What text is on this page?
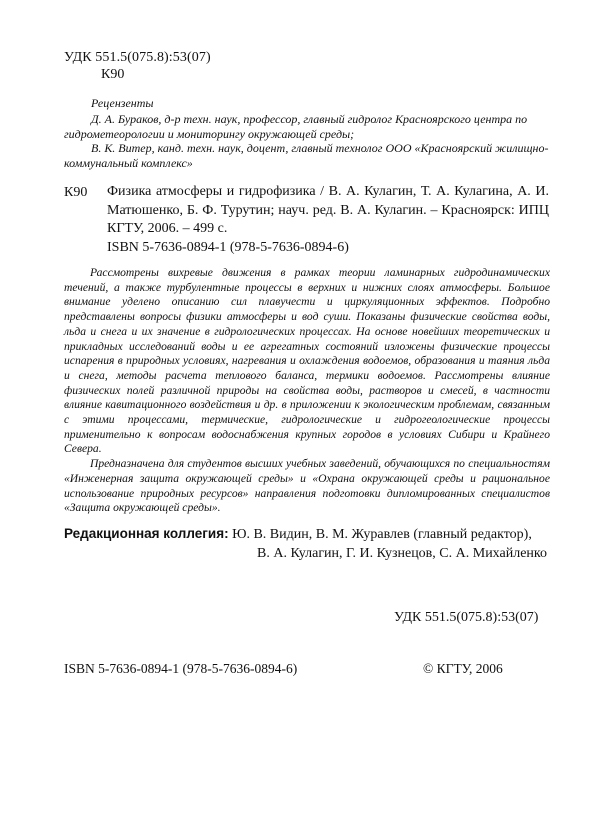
УДК 551.5(075.8):53(07)
К90
Рецензенты
Д. А. Бураков, д-р техн. наук, профессор, главный гидролог Красноярского центра по гидрометеорологии и мониторингу окружающей среды;
В. К. Витер, канд. техн. наук, доцент, главный технолог ООО «Красноярский жилищно-коммунальный комплекс»
К90 Физика атмосферы и гидрофизика / В. А. Кулагин, Т. А. Кулагина, А. И. Матюшенко, Б. Ф. Турутин; науч. ред. В. А. Кулагин. – Красноярск: ИПЦ КГТУ, 2006. – 499 с.
ISBN 5-7636-0894-1 (978-5-7636-0894-6)

Рассмотрены вихревые движения в рамках теории ламинарных гидродинамических течений, а также турбулентные процессы в верхних и нижних слоях атмосферы. Большое внимание уделено описанию сил плавучести и циркуляционных эффектов. Подробно представлены вопросы физики атмосферы и вод суши. Показаны физические свойства воды, льда и снега и их значение в гидрологических процессах. На основе новейших теоретических и прикладных исследований воды и ее агрегатных состояний изложены физические процессы испарения в природных условиях, нагревания и охлаждения водоемов, образования и таяния льда и снега, методы расчета теплового баланса, термики водоемов. Рассмотрены влияние физических полей различной природы на свойства воды, растворов и смесей, в частности влияние кавитационного воздействия и др. в приложении к экологическим проблемам, связанным с этими процессами, термические, гидрологические и гидрогеологические процессы применительно к вопросам водоснабжения крупных городов в условиях Сибири и Крайнего Севера.

Предназначена для студентов высших учебных заведений, обучающихся по специальностям «Инженерная защита окружающей среды» и «Охрана окружающей среды и рациональное использование природных ресурсов» направления подготовки дипломированных специалистов «Защита окружающей среды».

Редакционная коллегия: Ю. В. Видин, В. М. Журавлев (главный редактор),
В. А. Кулагин, Г. И. Кузнецов, С. А. Михайленко
УДК 551.5(075.8):53(07)
ISBN 5-7636-0894-1 (978-5-7636-0894-6)	© КГТУ, 2006
